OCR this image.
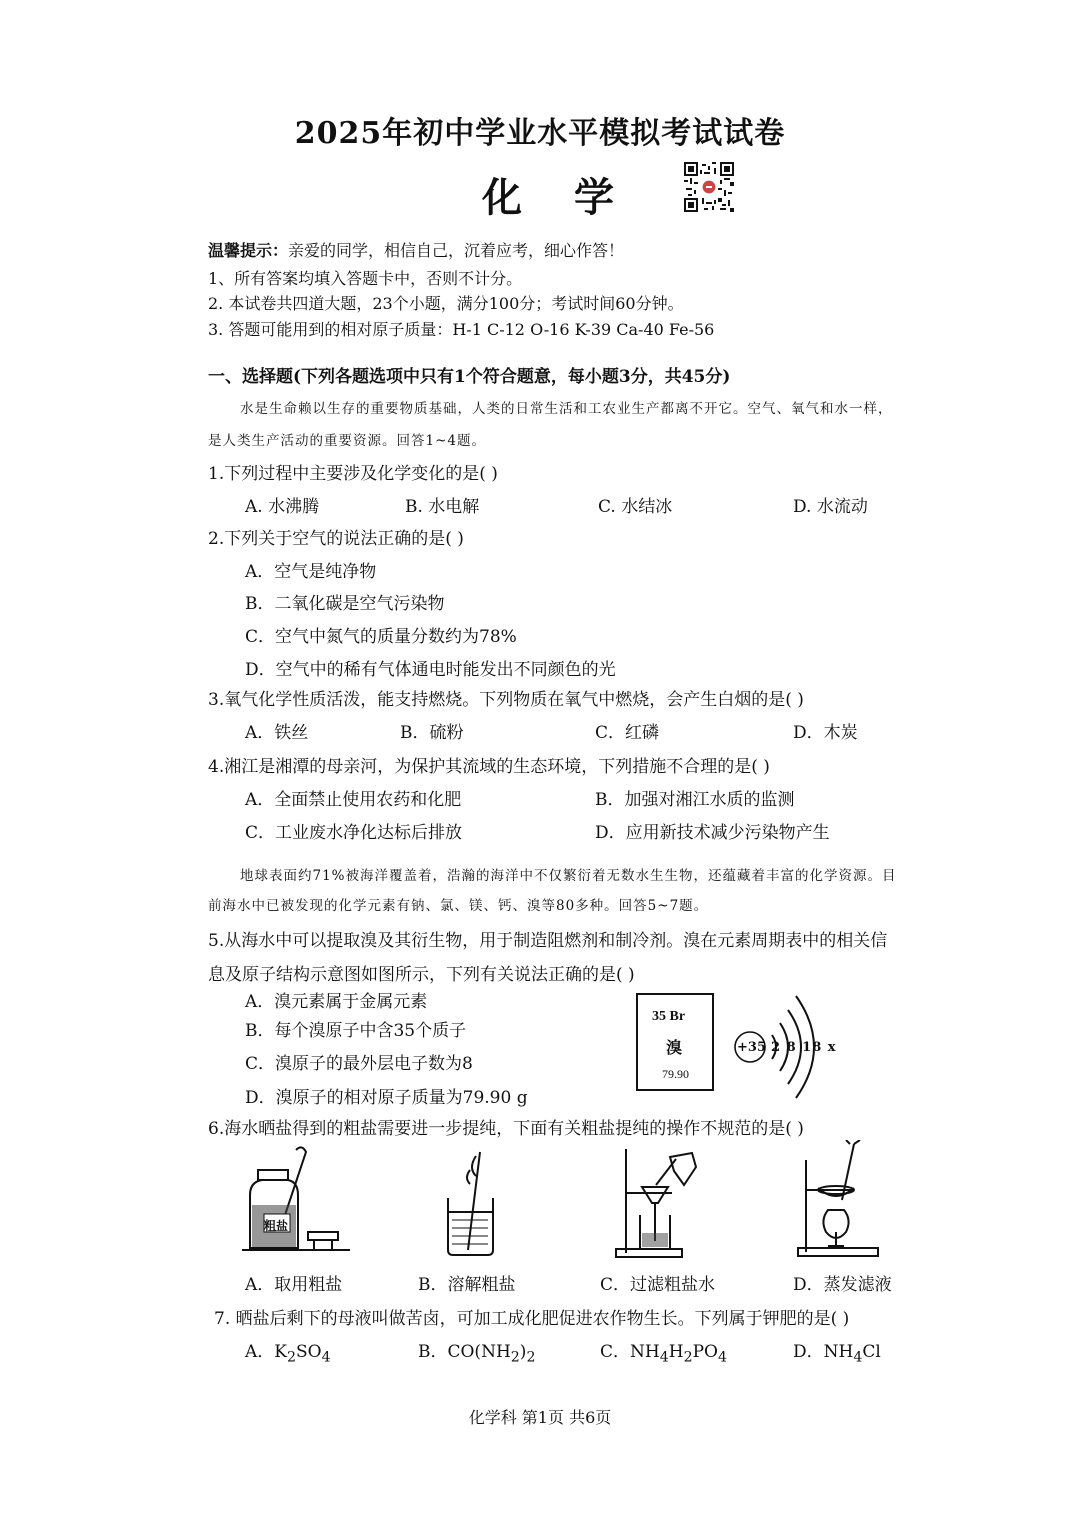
2025年初中学业水平模拟考试试卷
化学
温馨提示：亲爱的同学，相信自己，沉着应考，细心作答！
1、所有答案均填入答题卡中，否则不计分。
2. 本试卷共四道大题，23个小题，满分100分；考试时间60分钟。
3. 答题可能用到的相对原子质量：H-1 C-12 O-16 K-39 Ca-40 Fe-56
一、选择题(下列各题选项中只有1个符合题意，每小题3分，共45分)
水是生命赖以生存的重要物质基础，人类的日常生活和工农业生产都离不开它。空气、氧气和水一样，
是人类生产活动的重要资源。回答1~4题。
1.下列过程中主要涉及化学变化的是( )
A. 水沸腾	B. 水电解	C. 水结冰	D. 水流动
2.下列关于空气的说法正确的是( )
A．空气是纯净物
B．二氧化碳是空气污染物
C．空气中氮气的质量分数约为78%
D．空气中的稀有气体通电时能发出不同颜色的光
3.氧气化学性质活泼，能支持燃烧。下列物质在氧气中燃烧，会产生白烟的是( )
A．铁丝	B．硫粉	C．红磷	D．木炭
4.湘江是湘潭的母亲河，为保护其流域的生态环境，下列措施不合理的是( )
A．全面禁止使用农药和化肥	B．加强对湘江水质的监测
C．工业废水净化达标后排放	D．应用新技术减少污染物产生
地球表面约71%被海洋覆盖着，浩瀚的海洋中不仅繁衍着无数水生生物，还蕴藏着丰富的化学资源。目
前海水中已被发现的化学元素有钠、氯、镁、钙、溴等80多种。回答5~7题。
5.从海水中可以提取溴及其衍生物，用于制造阻燃剂和制冷剂。溴在元素周期表中的相关信
息及原子结构示意图如图所示，下列有关说法正确的是( )
A．溴元素属于金属元素
B．每个溴原子中含35个质子
C．溴原子的最外层电子数为8
D．溴原子的相对原子质量为79.90 g
35 Br
溴
79.90
+35 2 8 18 x
6.海水晒盐得到的粗盐需要进一步提纯，下面有关粗盐提纯的操作不规范的是( )
粗盐
A．取用粗盐	B．溶解粗盐	C．过滤粗盐水	D．蒸发滤液
7. 晒盐后剩下的母液叫做苦卤，可加工成化肥促进农作物生长。下列属于钾肥的是( )
A．$K_2SO_4$	B．$CO(NH_2)_2$	C．$NH_4H_2PO_4$	D．$NH_4Cl$
化学科 第1页 共6页
